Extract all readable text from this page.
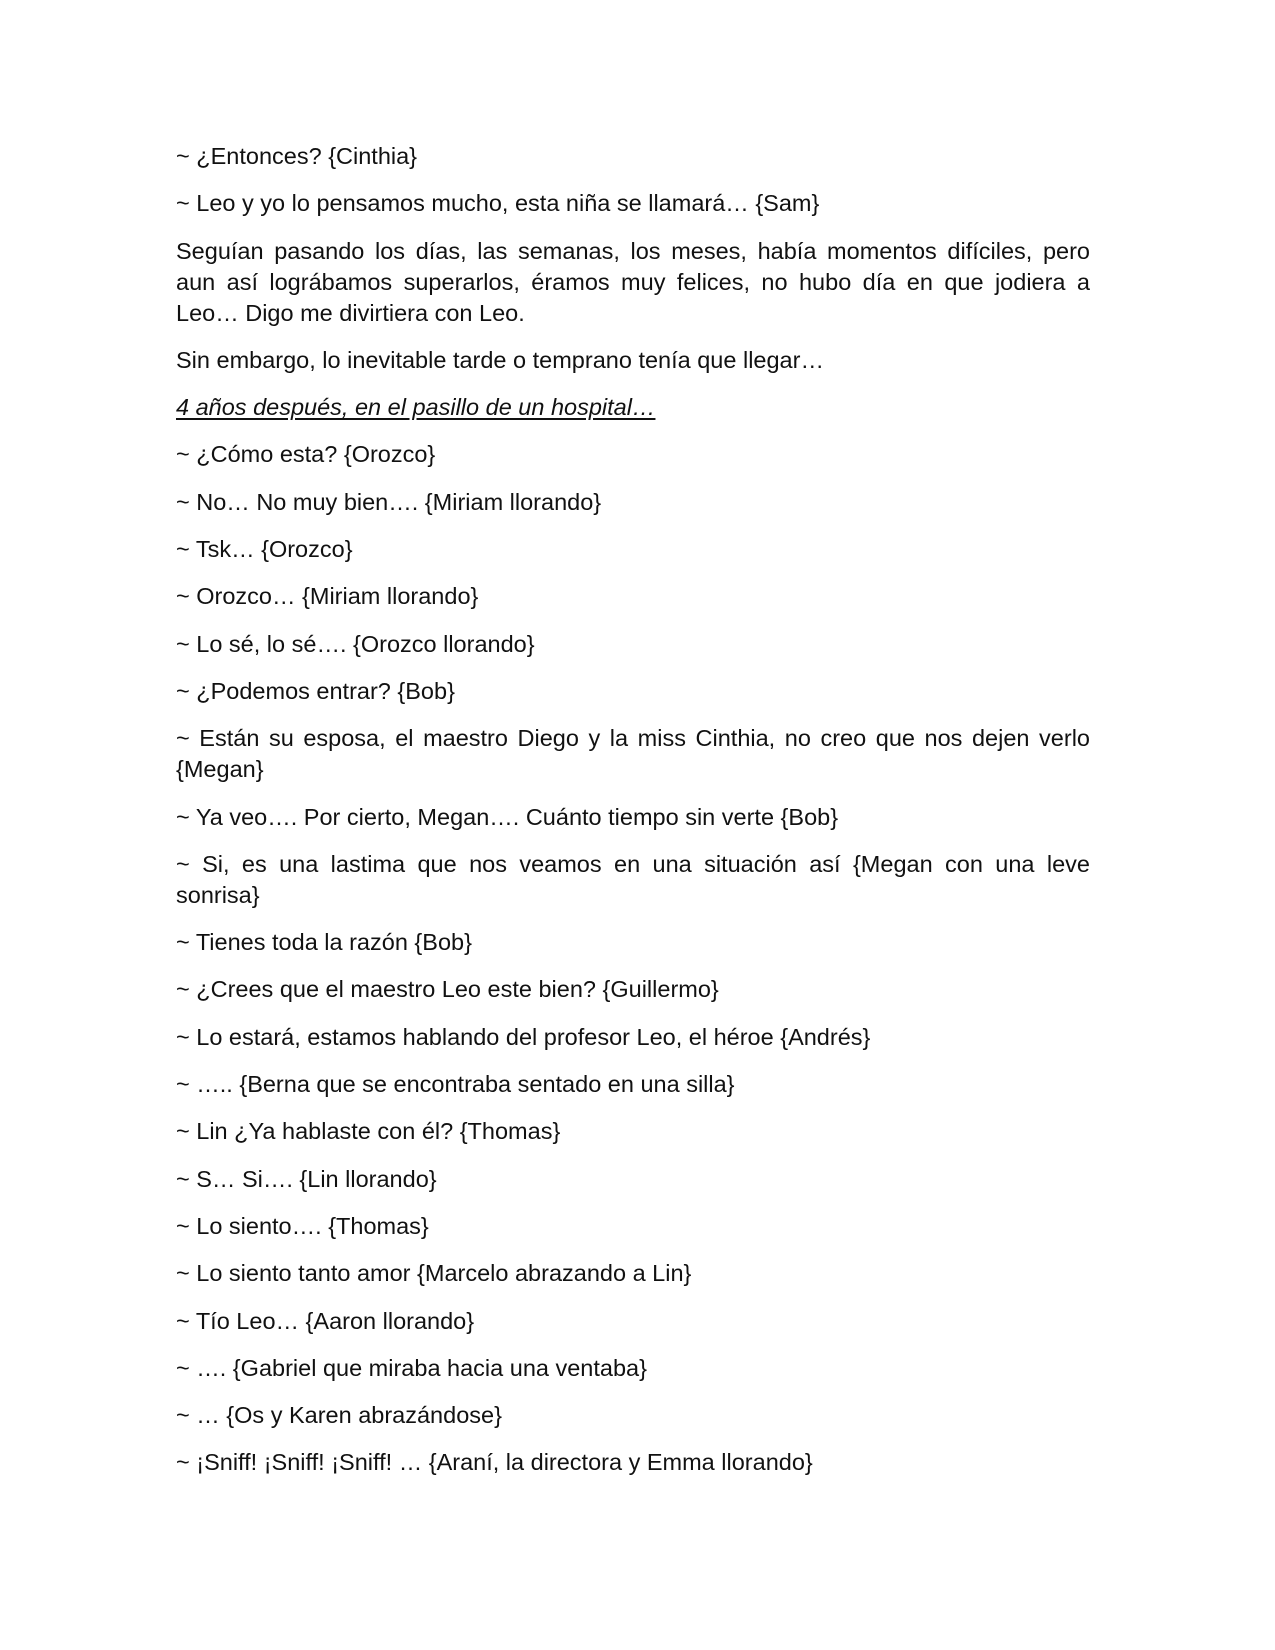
~ ¿Entonces? {Cinthia}

~ Leo y yo lo pensamos mucho, esta niña se llamará… {Sam}

Seguían pasando los días, las semanas, los meses, había momentos difíciles, pero aun así lográbamos superarlos, éramos muy felices, no hubo día en que jodiera a Leo… Digo me divirtiera con Leo.

Sin embargo, lo inevitable tarde o temprano tenía que llegar…

4 años después, en el pasillo de un hospital…

~ ¿Cómo esta? {Orozco}

~ No… No muy bien…. {Miriam llorando}

~ Tsk… {Orozco}

~ Orozco… {Miriam llorando}

~ Lo sé, lo sé…. {Orozco llorando}

~ ¿Podemos entrar? {Bob}

~ Están su esposa, el maestro Diego y la miss Cinthia, no creo que nos dejen verlo {Megan}

~ Ya veo…. Por cierto, Megan…. Cuánto tiempo sin verte {Bob}

~ Si, es una lastima que nos veamos en una situación así {Megan con una leve sonrisa}

~ Tienes toda la razón {Bob}

~ ¿Crees que el maestro Leo este bien? {Guillermo}

~ Lo estará, estamos hablando del profesor Leo, el héroe {Andrés}

~ ….. {Berna que se encontraba sentado en una silla}

~ Lin ¿Ya hablaste con él? {Thomas}

~ S… Si…. {Lin llorando}

~ Lo siento…. {Thomas}

~ Lo siento tanto amor {Marcelo abrazando a Lin}

~ Tío Leo… {Aaron llorando}

~ …. {Gabriel que miraba hacia una ventaba}

~ … {Os y Karen abrazándose}

~ ¡Sniff! ¡Sniff! ¡Sniff! … {Araní, la directora y Emma llorando}
